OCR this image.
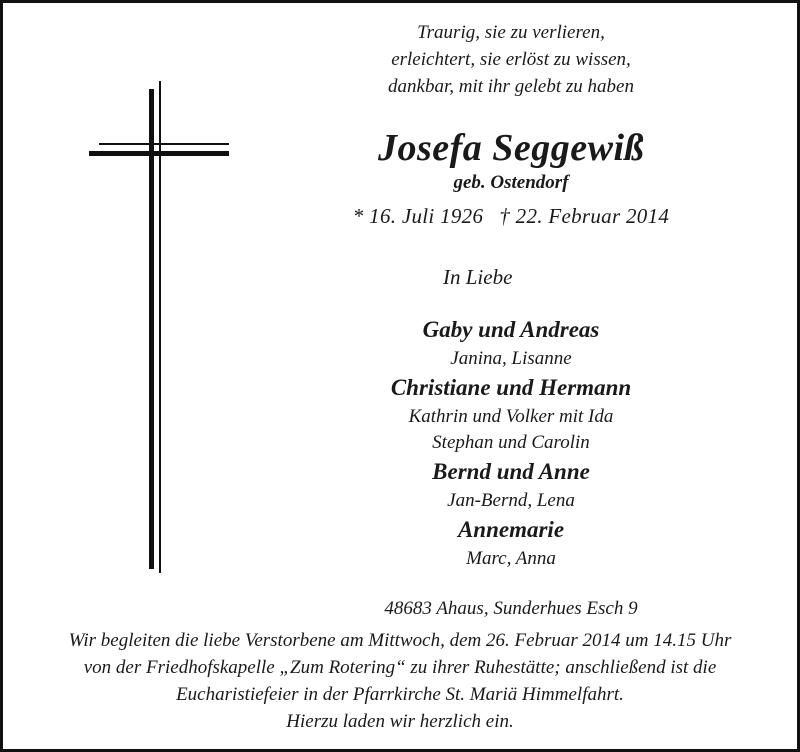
Traurig, sie zu verlieren,
erleichtert, sie erlöst zu wissen,
dankbar, mit ihr gelebt zu haben
Josefa Seggewiß
geb. Ostendorf
* 16. Juli 1926 † 22. Februar 2014
In Liebe
Gaby und Andreas
Janina, Lisanne
Christiane und Hermann
Kathrin und Volker mit Ida
Stephan und Carolin
Bernd und Anne
Jan-Bernd, Lena
Annemarie
Marc, Anna
48683 Ahaus, Sunderhues Esch 9
Wir begleiten die liebe Verstorbene am Mittwoch, dem 26. Februar 2014 um 14.15 Uhr
von der Friedhofskapelle „Zum Rotering“ zu ihrer Ruhestätte; anschließend ist die
Eucharistiefeier in der Pfarrkirche St. Mariä Himmelfahrt.
Hierzu laden wir herzlich ein.
